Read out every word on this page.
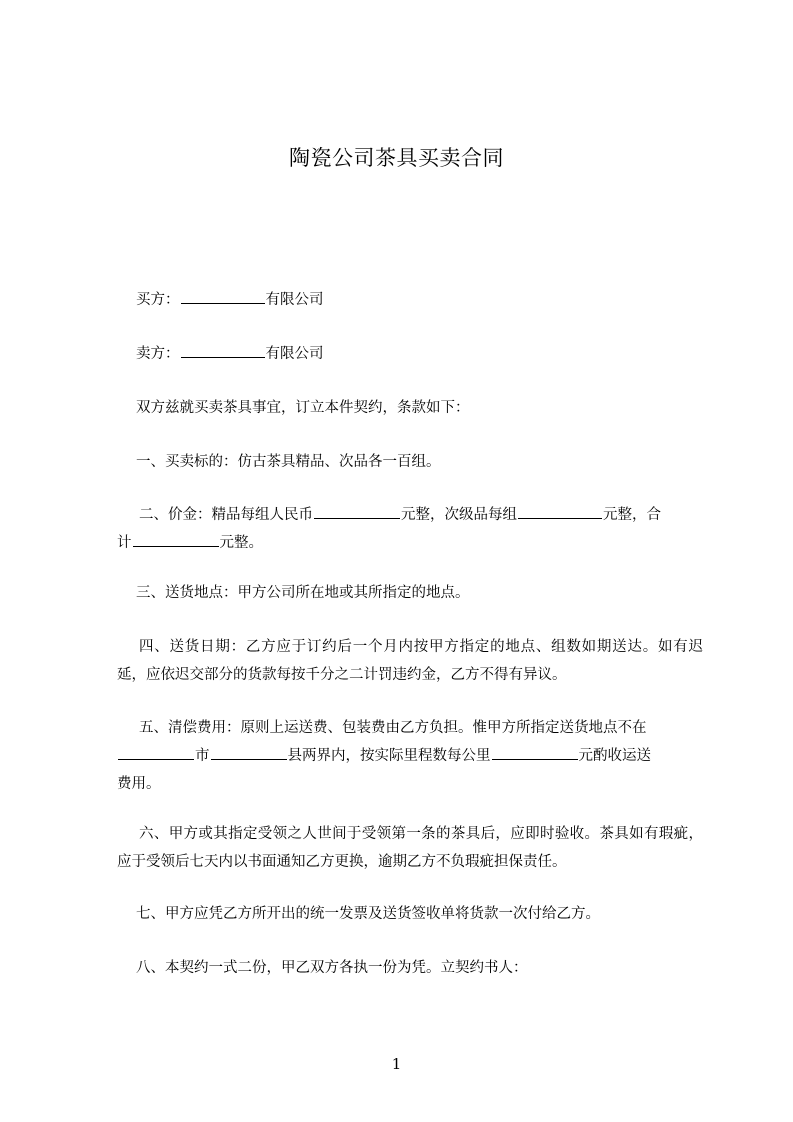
陶瓷公司茶具买卖合同
买方：	有限公司
卖方：	有限公司
双方兹就买卖茶具事宜，订立本件契约，条款如下：
一、买卖标的：仿古茶具精品、次品各一百组。
二、价金：精品每组人民币	元整，次级品每组	元整，合
计	元整。
三、送货地点：甲方公司所在地或其所指定的地点。
四、送货日期：乙方应于订约后一个月内按甲方指定的地点、组数如期送达。如有迟延，应依迟交部分的货款每按千分之二计罚违约金，乙方不得有异议。
五、清偿费用：原则上运送费、包装费由乙方负担。惟甲方所指定送货地点不在
市	县两界内，按实际里程数每公里	元酌收运送
费用。
六、甲方或其指定受领之人世间于受领第一条的茶具后，应即时验收。茶具如有瑕疵，应于受领后七天内以书面通知乙方更换，逾期乙方不负瑕疵担保责任。
七、甲方应凭乙方所开出的统一发票及送货签收单将货款一次付给乙方。
八、本契约一式二份，甲乙双方各执一份为凭。立契约书人：
1
